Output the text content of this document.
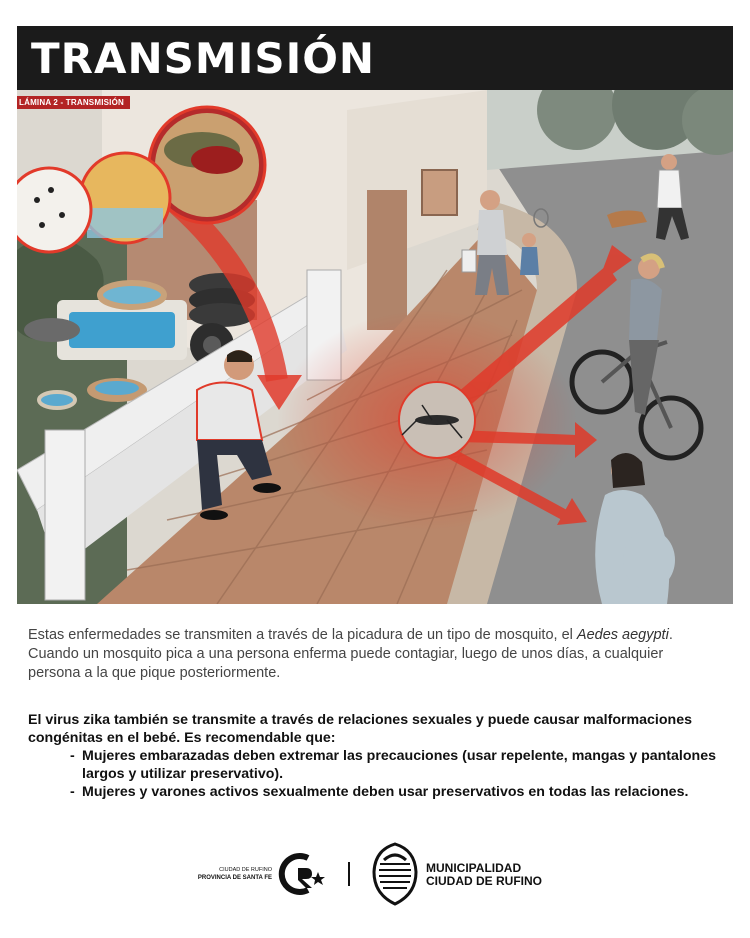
TRANSMISIÓN
LÁMINA 2 - TRANSMISIÓN

Estas enfermedades se transmiten a través de la picadura de un tipo de mosquito, el Aedes aegypti. Cuando un mosquito pica a una persona enferma puede contagiar, luego de unos días, a cualquier persona a la que pique posteriormente.

El virus zika también se transmite a través de relaciones sexuales y puede causar malformaciones congénitas en el bebé. Es recomendable que:
- Mujeres embarazadas deben extremar las precauciones (usar repelente, mangas y pantalones largos y utilizar preservativo).
- Mujeres y varones activos sexualmente deben usar preservativos en todas las relaciones.
CIUDAD DE RUFINO
PROVINCIA DE SANTA FE
MUNICIPALIDAD
CIUDAD DE RUFINO
